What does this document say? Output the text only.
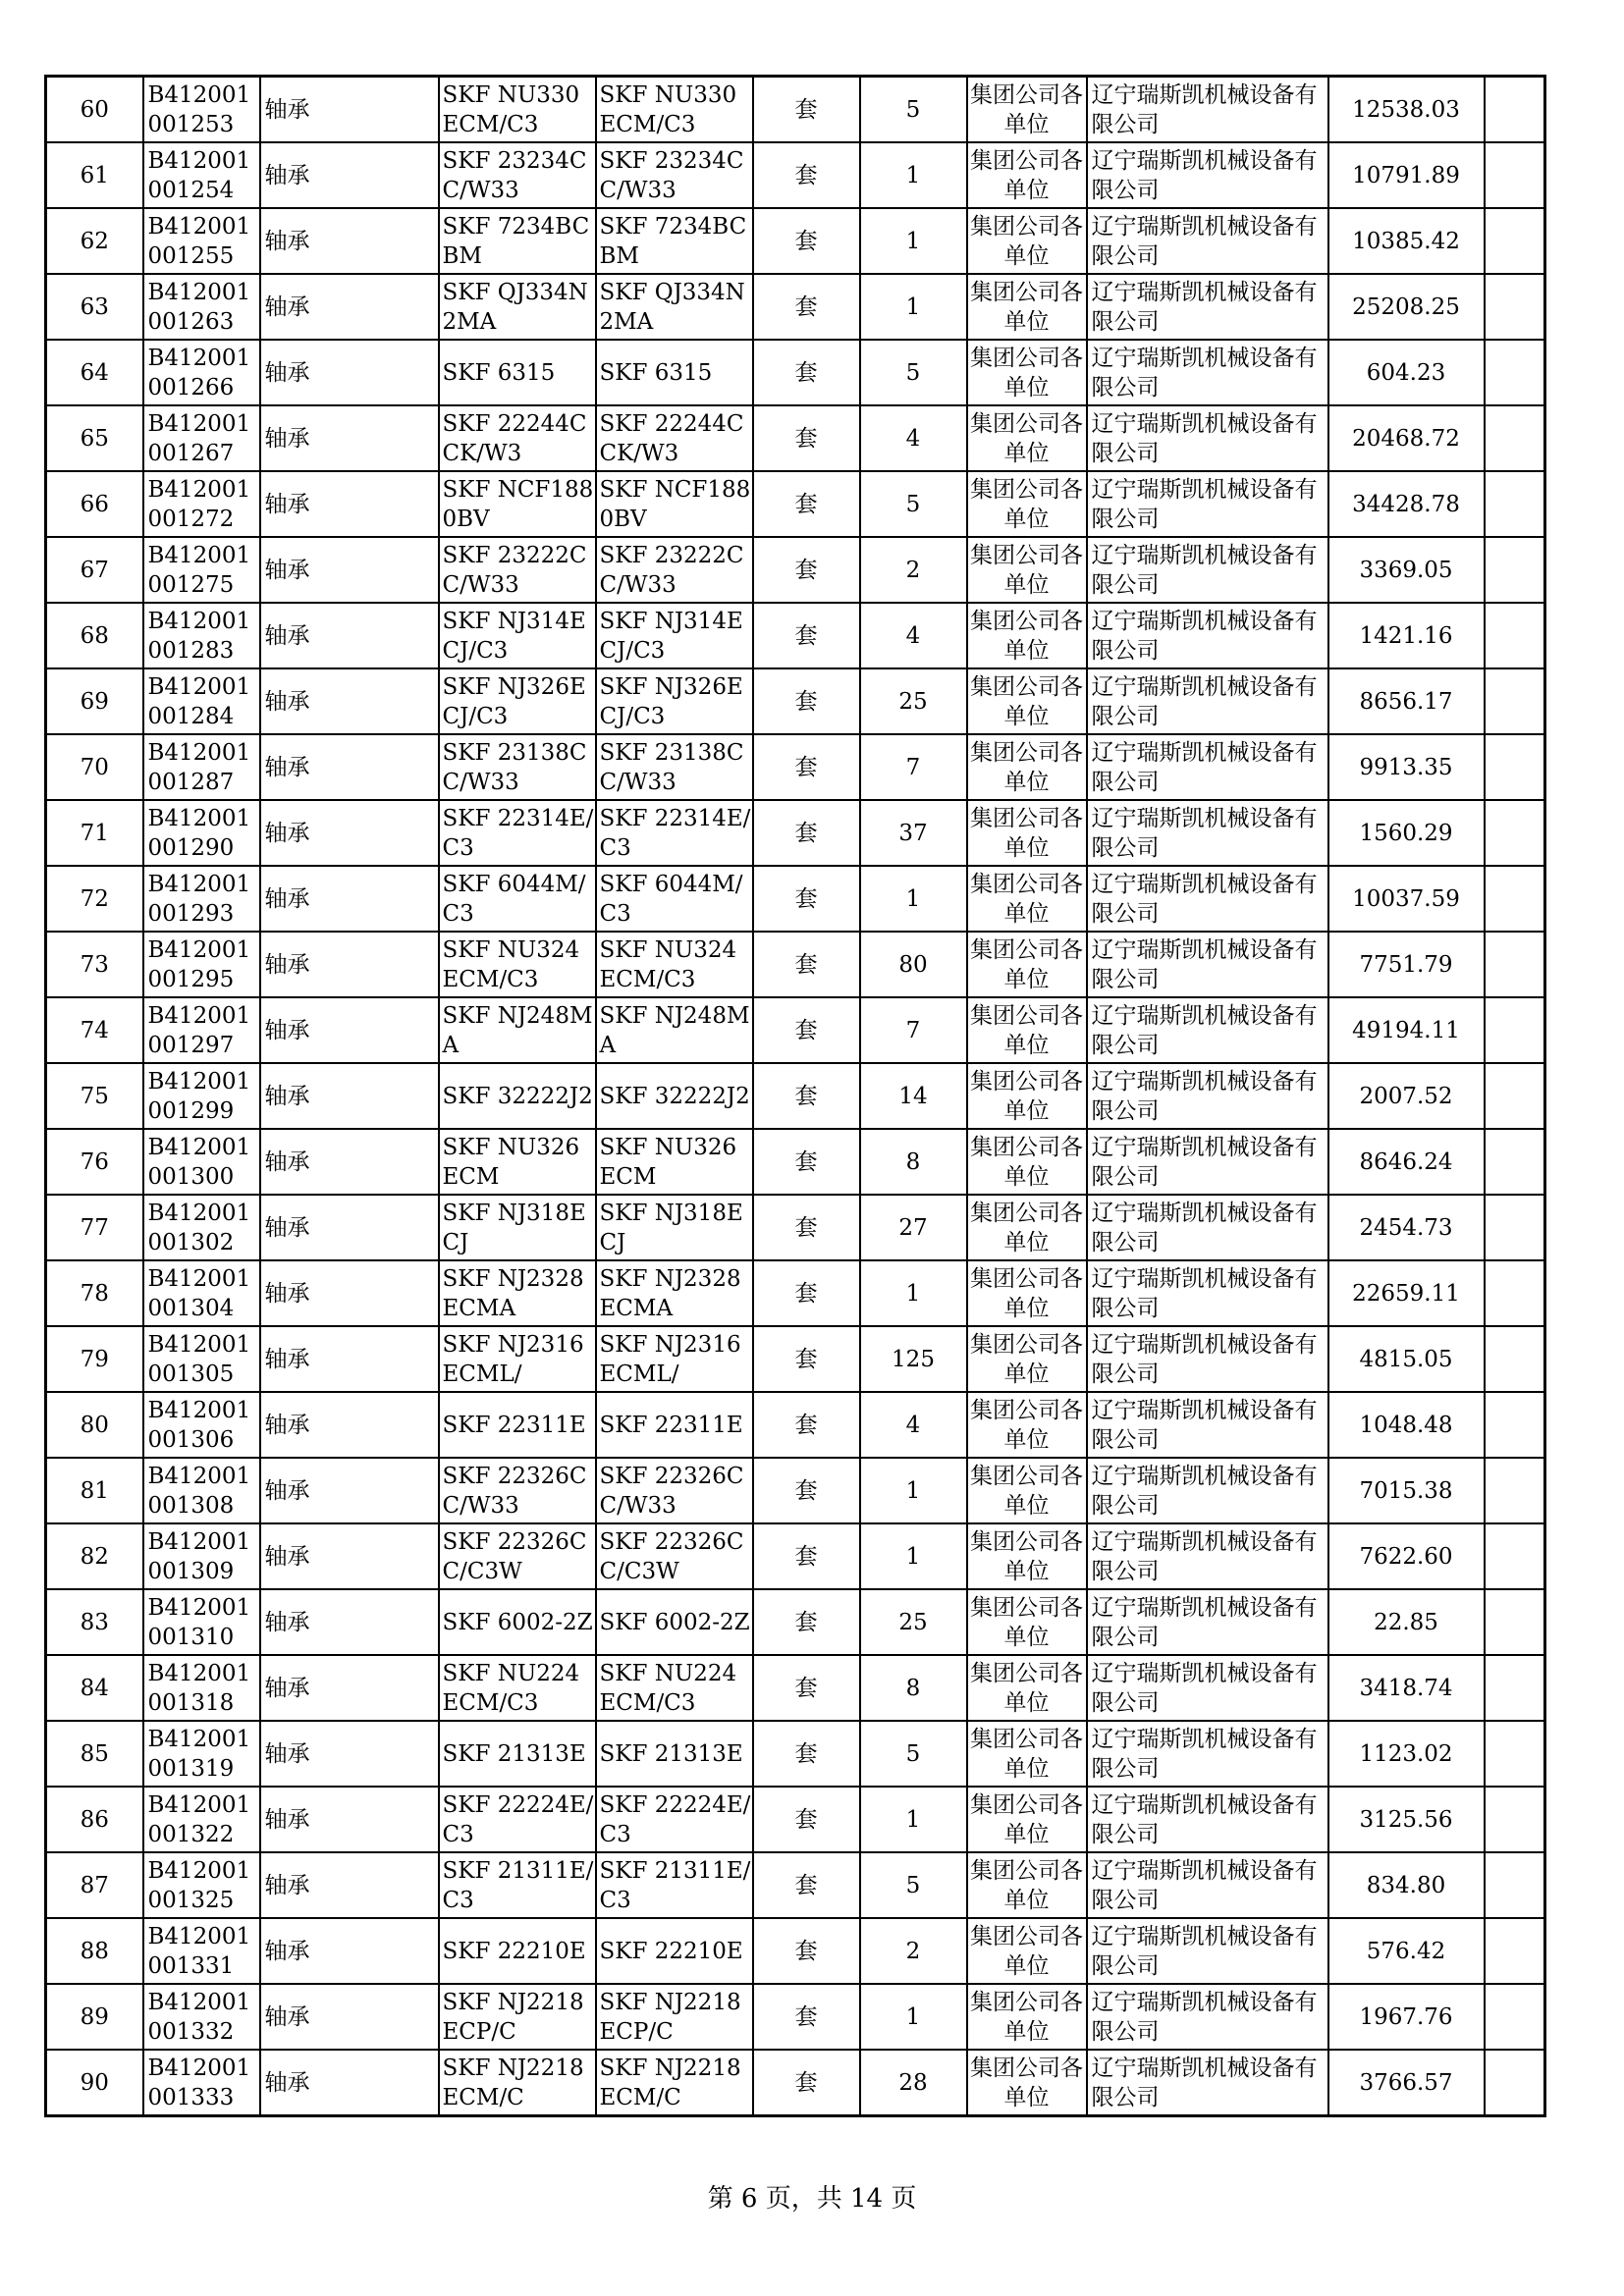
60	B412001001253	轴承	SKF NU330ECM/C3	SKF NU330ECM/C3	套	5	集团公司各单位	辽宁瑞斯凯机械设备有限公司	12538.03	
61	B412001001254	轴承	SKF 23234CC/W33	SKF 23234CC/W33	套	1	集团公司各单位	辽宁瑞斯凯机械设备有限公司	10791.89	
62	B412001001255	轴承	SKF 7234BCBM	SKF 7234BCBM	套	1	集团公司各单位	辽宁瑞斯凯机械设备有限公司	10385.42	
63	B412001001263	轴承	SKF QJ334N2MA	SKF QJ334N2MA	套	1	集团公司各单位	辽宁瑞斯凯机械设备有限公司	25208.25	
64	B412001001266	轴承	SKF 6315	SKF 6315	套	5	集团公司各单位	辽宁瑞斯凯机械设备有限公司	604.23	
65	B412001001267	轴承	SKF 22244CCK/W3	SKF 22244CCK/W3	套	4	集团公司各单位	辽宁瑞斯凯机械设备有限公司	20468.72	
66	B412001001272	轴承	SKF NCF1880BV	SKF NCF1880BV	套	5	集团公司各单位	辽宁瑞斯凯机械设备有限公司	34428.78	
67	B412001001275	轴承	SKF 23222CC/W33	SKF 23222CC/W33	套	2	集团公司各单位	辽宁瑞斯凯机械设备有限公司	3369.05	
68	B412001001283	轴承	SKF NJ314ECJ/C3	SKF NJ314ECJ/C3	套	4	集团公司各单位	辽宁瑞斯凯机械设备有限公司	1421.16	
69	B412001001284	轴承	SKF NJ326ECJ/C3	SKF NJ326ECJ/C3	套	25	集团公司各单位	辽宁瑞斯凯机械设备有限公司	8656.17	
70	B412001001287	轴承	SKF 23138CC/W33	SKF 23138CC/W33	套	7	集团公司各单位	辽宁瑞斯凯机械设备有限公司	9913.35	
71	B412001001290	轴承	SKF 22314E/C3	SKF 22314E/C3	套	37	集团公司各单位	辽宁瑞斯凯机械设备有限公司	1560.29	
72	B412001001293	轴承	SKF 6044M/C3	SKF 6044M/C3	套	1	集团公司各单位	辽宁瑞斯凯机械设备有限公司	10037.59	
73	B412001001295	轴承	SKF NU324ECM/C3	SKF NU324ECM/C3	套	80	集团公司各单位	辽宁瑞斯凯机械设备有限公司	7751.79	
74	B412001001297	轴承	SKF NJ248MA	SKF NJ248MA	套	7	集团公司各单位	辽宁瑞斯凯机械设备有限公司	49194.11	
75	B412001001299	轴承	SKF 32222J2	SKF 32222J2	套	14	集团公司各单位	辽宁瑞斯凯机械设备有限公司	2007.52	
76	B412001001300	轴承	SKF NU326ECM	SKF NU326ECM	套	8	集团公司各单位	辽宁瑞斯凯机械设备有限公司	8646.24	
77	B412001001302	轴承	SKF NJ318ECJ	SKF NJ318ECJ	套	27	集团公司各单位	辽宁瑞斯凯机械设备有限公司	2454.73	
78	B412001001304	轴承	SKF NJ2328ECMA	SKF NJ2328ECMA	套	1	集团公司各单位	辽宁瑞斯凯机械设备有限公司	22659.11	
79	B412001001305	轴承	SKF NJ2316ECML/	SKF NJ2316ECML/	套	125	集团公司各单位	辽宁瑞斯凯机械设备有限公司	4815.05	
80	B412001001306	轴承	SKF 22311E	SKF 22311E	套	4	集团公司各单位	辽宁瑞斯凯机械设备有限公司	1048.48	
81	B412001001308	轴承	SKF 22326CC/W33	SKF 22326CC/W33	套	1	集团公司各单位	辽宁瑞斯凯机械设备有限公司	7015.38	
82	B412001001309	轴承	SKF 22326CC/C3W	SKF 22326CC/C3W	套	1	集团公司各单位	辽宁瑞斯凯机械设备有限公司	7622.60	
83	B412001001310	轴承	SKF 6002-2Z	SKF 6002-2Z	套	25	集团公司各单位	辽宁瑞斯凯机械设备有限公司	22.85	
84	B412001001318	轴承	SKF NU224ECM/C3	SKF NU224ECM/C3	套	8	集团公司各单位	辽宁瑞斯凯机械设备有限公司	3418.74	
85	B412001001319	轴承	SKF 21313E	SKF 21313E	套	5	集团公司各单位	辽宁瑞斯凯机械设备有限公司	1123.02	
86	B412001001322	轴承	SKF 22224E/C3	SKF 22224E/C3	套	1	集团公司各单位	辽宁瑞斯凯机械设备有限公司	3125.56	
87	B412001001325	轴承	SKF 21311E/C3	SKF 21311E/C3	套	5	集团公司各单位	辽宁瑞斯凯机械设备有限公司	834.80	
88	B412001001331	轴承	SKF 22210E	SKF 22210E	套	2	集团公司各单位	辽宁瑞斯凯机械设备有限公司	576.42	
89	B412001001332	轴承	SKF NJ2218ECP/C	SKF NJ2218ECP/C	套	1	集团公司各单位	辽宁瑞斯凯机械设备有限公司	1967.76	
90	B412001001333	轴承	SKF NJ2218ECM/C	SKF NJ2218ECM/C	套	28	集团公司各单位	辽宁瑞斯凯机械设备有限公司	3766.57	
第 6 页，共 14 页
